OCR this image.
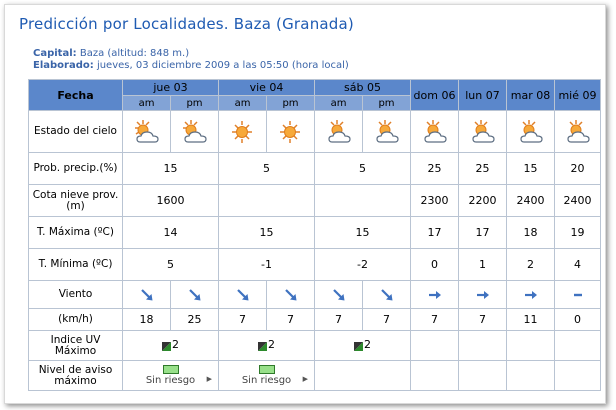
Predicción por Localidades. Baza (Granada)
Capital: Baza (altitud: 848 m.)
Elaborado: jueves, 03 diciembre 2009 a las 05:50 (hora local)
Fecha	jue 03		vie 04		sáb 05		dom 06	lun 07	mar 08	mié 09
	am	pm	am	pm	am	pm				
Estado del cielo										
Prob. precip.(%)	15		5		5		25	25	15	20
Cota nieve prov.(m)	1600						2300	2200	2400	2400
T. Máxima (ºC)	14		15		15		17	17	18	19
T. Mínima (ºC)	5		-1		-2		0	1	2	4
Viento										
(km/h)	18	25	7	7	7	7	7	7	11	0
Indice UV Máximo	2		2		2					

Nivel de aviso máximo	Sin riesgo ▶		Sin riesgo ▶							
